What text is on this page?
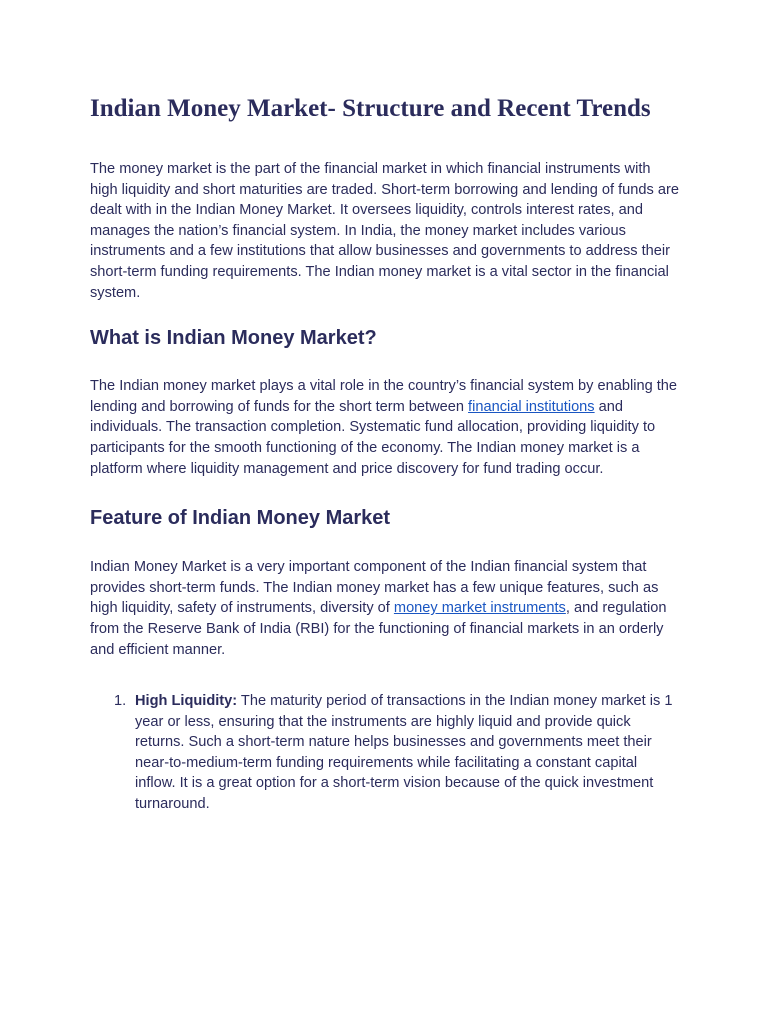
Indian Money Market- Structure and Recent Trends

The money market is the part of the financial market in which financial instruments with high liquidity and short maturities are traded. Short-term borrowing and lending of funds are dealt with in the Indian Money Market. It oversees liquidity, controls interest rates, and manages the nation’s financial system. In India, the money market includes various instruments and a few institutions that allow businesses and governments to address their short-term funding requirements. The Indian money market is a vital sector in the financial system.

What is Indian Money Market?

The Indian money market plays a vital role in the country’s financial system by enabling the lending and borrowing of funds for the short term between financial institutions and individuals. The transaction completion. Systematic fund allocation, providing liquidity to participants for the smooth functioning of the economy. The Indian money market is a platform where liquidity management and price discovery for fund trading occur.

Feature of Indian Money Market

Indian Money Market is a very important component of the Indian financial system that provides short-term funds. The Indian money market has a few unique features, such as high liquidity, safety of instruments, diversity of money market instruments, and regulation from the Reserve Bank of India (RBI) for the functioning of financial markets in an orderly and efficient manner.

1. High Liquidity: The maturity period of transactions in the Indian money market is 1 year or less, ensuring that the instruments are highly liquid and provide quick returns. Such a short-term nature helps businesses and governments meet their near-to-medium-term funding requirements while facilitating a constant capital inflow. It is a great option for a short-term vision because of the quick investment turnaround.
